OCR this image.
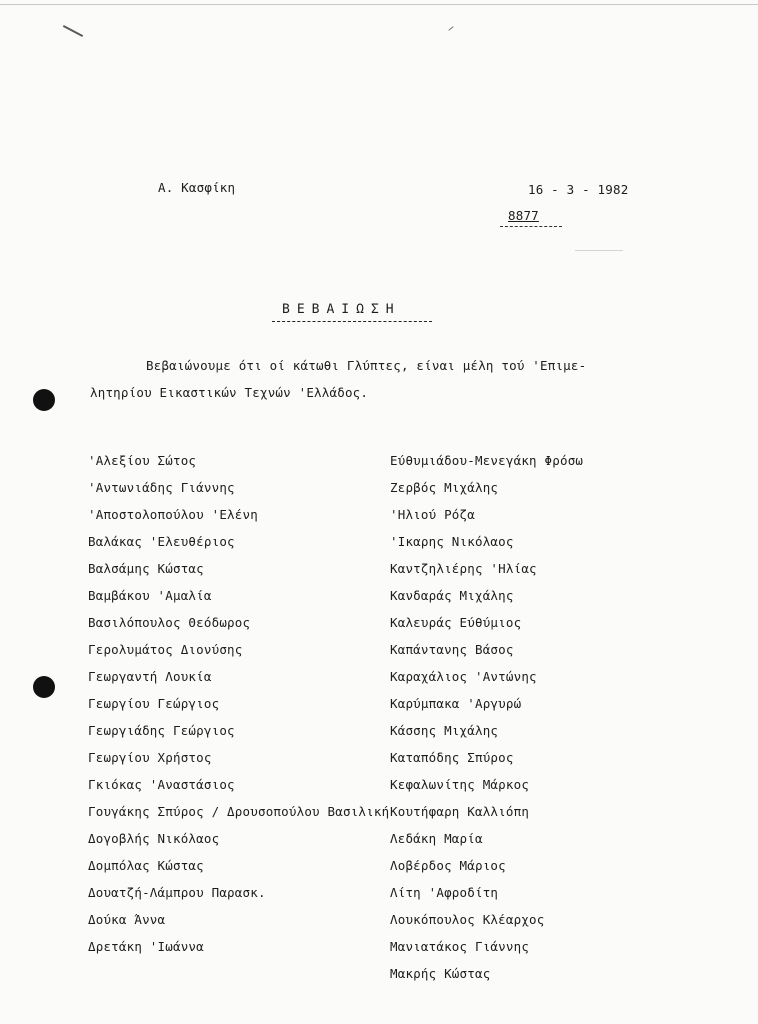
Α. Κασφίκη	16 - 3 - 1982
8877
ΒΕΒΑΙΩΣΗ
Βεβαιώνουμε ότι οί κάτωθι Γλύπτες, είναι μέλη τού 'Επιμε-
λητηρίου Εικαστικών Τεχνών 'Ελλάδος.
'Αλεξίου Σώτος
'Αντωνιάδης Γιάννης
'Αποστολοπούλου 'Ελένη
Βαλάκας 'Ελευθέριος
Βαλσάμης Κώστας
Βαμβάκου 'Αμαλία
Βασιλόπουλος Θεόδωρος
Γερολυμάτος Διονύσης
Γεωργαντή Λουκία
Γεωργίου Γεώργιος
Γεωργιάδης Γεώργιος
Γεωργίου Χρήστος
Γκιόκας 'Αναστάσιος
Γουγάκης Σπύρος / Δρουσοπούλου Βασιλική
Δογοβλής Νικόλαος
Δομπόλας Κώστας
Δουατζή-Λάμπρου Παρασκ.
Δούκα Άννα
Δρετάκη 'Ιωάννα
Εύθυμιάδου-Μενεγάκη Φρόσω
Ζερβός Μιχάλης
'Ηλιού Ρόζα
'Ικαρης Νικόλαος
Καντζηλιέρης 'Ηλίας
Κανδαράς Μιχάλης
Καλευράς Εύθύμιος
Καπάντανης Βάσος
Καραχάλιος 'Αντώνης
Καρύμπακα 'Αργυρώ
Κάσσης Μιχάλης
Καταπόδης Σπύρος
Κεφαλωνίτης Μάρκος
Κουτήφαρη Καλλιόπη
Λεδάκη Μαρία
Λοβέρδος Μάριος
Λίτη 'Αφροδίτη
Λουκόπουλος Κλέαρχος
Μανιατάκος Γιάννης
Μακρής Κώστας
